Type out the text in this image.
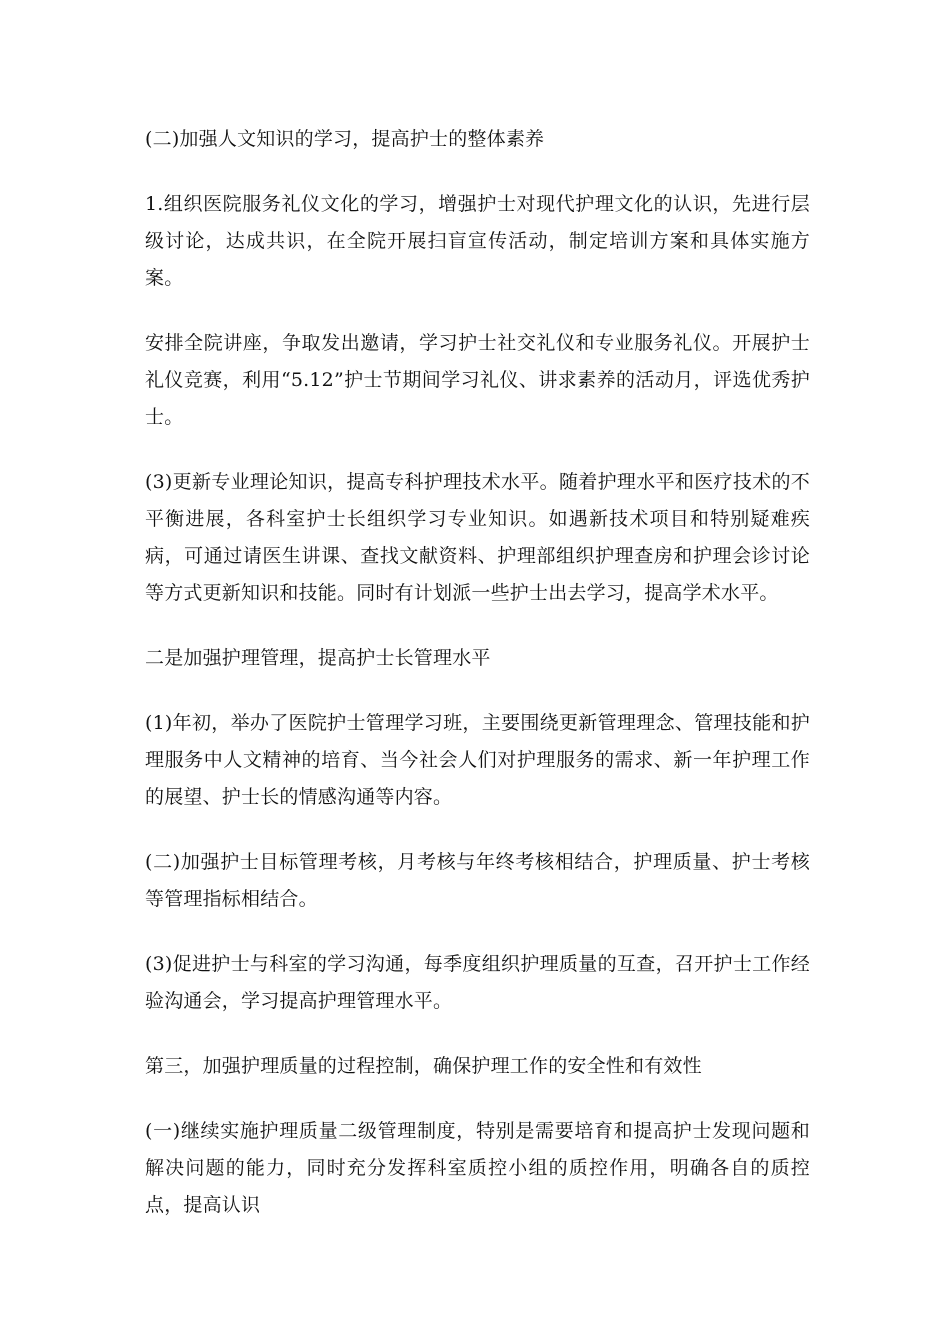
(二)加强人文知识的学习，提高护士的整体素养

1.组织医院服务礼仪文化的学习，增强护士对现代护理文化的认识，先进行层级讨论，达成共识，在全院开展扫盲宣传活动，制定培训方案和具体实施方案。

安排全院讲座，争取发出邀请，学习护士社交礼仪和专业服务礼仪。开展护士礼仪竞赛，利用“5.12”护士节期间学习礼仪、讲求素养的活动月，评选优秀护士。

(3)更新专业理论知识，提高专科护理技术水平。随着护理水平和医疗技术的不平衡进展，各科室护士长组织学习专业知识。如遇新技术项目和特别疑难疾病，可通过请医生讲课、查找文献资料、护理部组织护理查房和护理会诊讨论等方式更新知识和技能。同时有计划派一些护士出去学习，提高学术水平。

二是加强护理管理，提高护士长管理水平

(1)年初，举办了医院护士管理学习班，主要围绕更新管理理念、管理技能和护理服务中人文精神的培育、当今社会人们对护理服务的需求、新一年护理工作的展望、护士长的情感沟通等内容。

(二)加强护士目标管理考核，月考核与年终考核相结合，护理质量、护士考核等管理指标相结合。

(3)促进护士与科室的学习沟通，每季度组织护理质量的互查，召开护士工作经验沟通会，学习提高护理管理水平。

第三，加强护理质量的过程控制，确保护理工作的安全性和有效性

(一)继续实施护理质量二级管理制度，特别是需要培育和提高护士发现问题和解决问题的能力，同时充分发挥科室质控小组的质控作用，明确各自的质控点，提高认识
